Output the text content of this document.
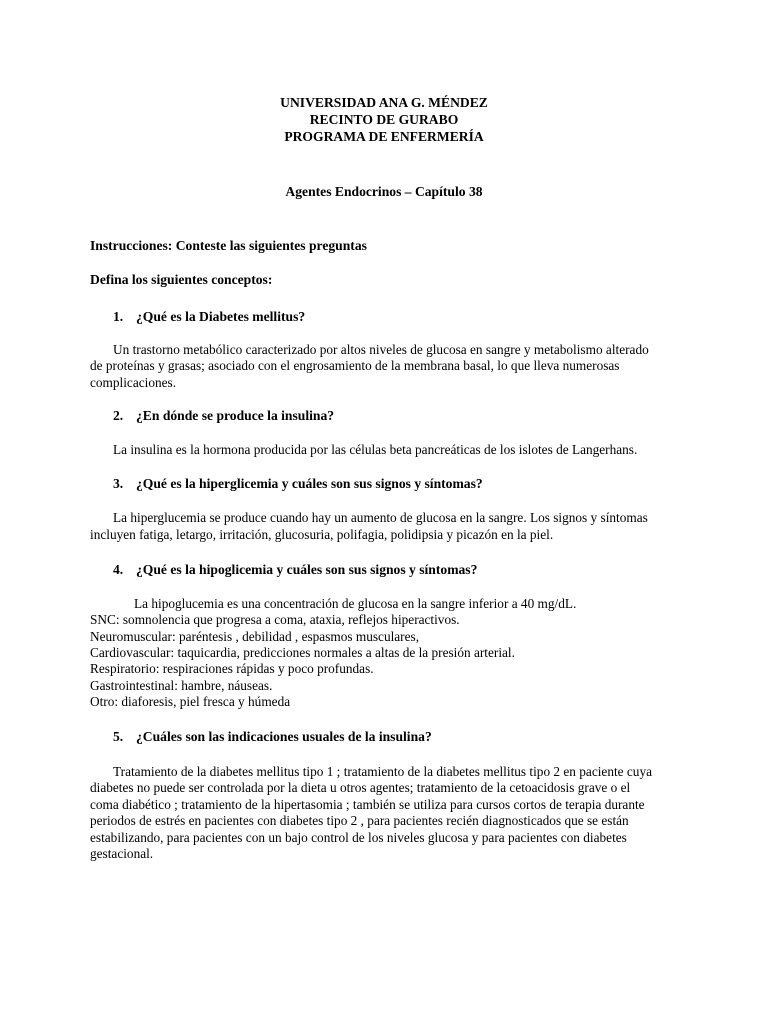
UNIVERSIDAD ANA G. MÉNDEZ

RECINTO DE GURABO

PROGRAMA DE ENFERMERÍA

Agentes Endocrinos – Capítulo 38

Instrucciones: Conteste las siguientes preguntas

Defina los siguientes conceptos:

1. ¿Qué es la Diabetes mellitus?

Un trastorno metabólico caracterizado por altos niveles de glucosa en sangre y metabolismo alterado

de proteínas y grasas; asociado con el engrosamiento de la membrana basal, lo que lleva numerosas

complicaciones.

2. ¿En dónde se produce la insulina?

La insulina es la hormona producida por las células beta pancreáticas de los islotes de Langerhans.

3. ¿Qué es la hiperglicemia y cuáles son sus signos y síntomas?

La hiperglucemia se produce cuando hay un aumento de glucosa en la sangre. Los signos y síntomas

incluyen fatiga, letargo, irritación, glucosuria, polifagia, polidipsia y picazón en la piel.

4. ¿Qué es la hipoglicemia y cuáles son sus signos y síntomas?

La hipoglucemia es una concentración de glucosa en la sangre inferior a 40 mg/dL.

SNC: somnolencia que progresa a coma, ataxia, reflejos hiperactivos.

Neuromuscular: paréntesis , debilidad , espasmos musculares,

Cardiovascular: taquicardia, predicciones normales a altas de la presión arterial.

Respiratorio: respiraciones rápidas y poco profundas.

Gastrointestinal: hambre, náuseas.

Otro: diaforesis, piel fresca y húmeda

5. ¿Cuáles son las indicaciones usuales de la insulina?

Tratamiento de la diabetes mellitus tipo 1 ; tratamiento de la diabetes mellitus tipo 2 en paciente cuya

diabetes no puede ser controlada por la dieta u otros agentes; tratamiento de la cetoacidosis grave o el

coma diabético ; tratamiento de la hipertasomia ; también se utiliza para cursos cortos de terapia durante

periodos de estrés en pacientes con diabetes tipo 2 , para pacientes recién diagnosticados que se están

estabilizando, para pacientes con un bajo control de los niveles glucosa y para pacientes con diabetes

gestacional.
